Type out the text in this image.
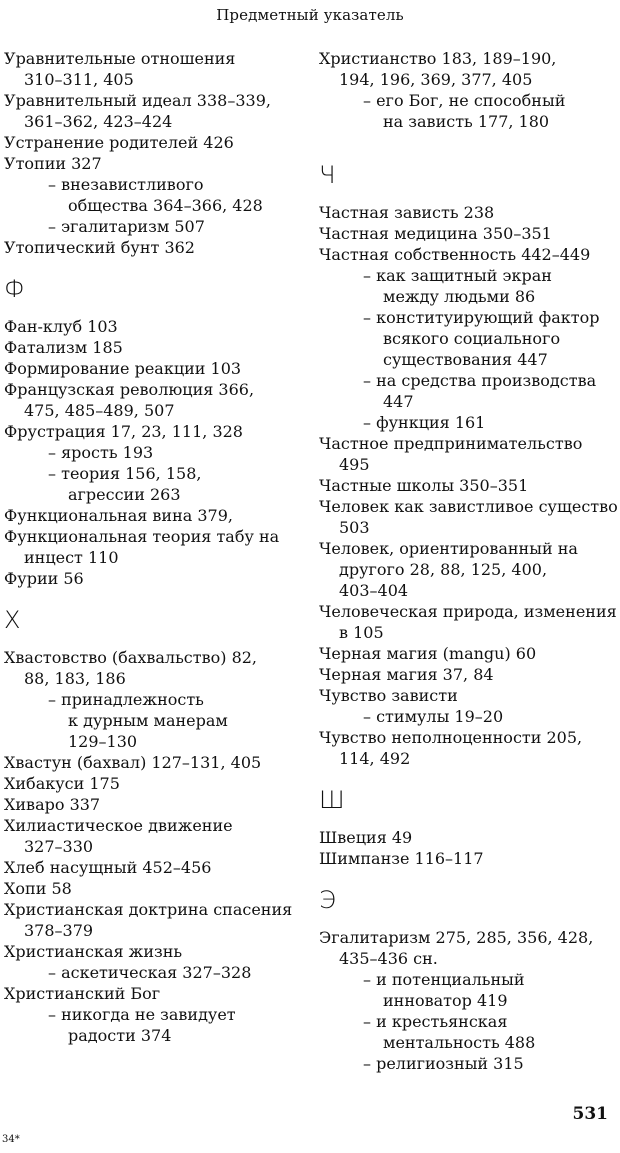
Предметный указатель
Уравнительные отношения
310–311, 405
Уравнительный идеал 338–339,
361–362, 423–424
Устранение родителей 426
Утопии 327
– внезавистливого
общества 364–366, 428
– эгалитаризм 507
Утопический бунт 362
Ф
Фан-клуб 103
Фатализм 185
Формирование реакции 103
Французская революция 366,
475, 485–489, 507
Фрустрация 17, 23, 111, 328
– ярость 193
– теория 156, 158,
агрессии 263
Функциональная вина 379,
Функциональная теория табу на
инцест 110
Фурии 56
Х
Хвастовство (бахвальство) 82,
88, 183, 186
– принадлежность
к дурным манерам
129–130
Хвастун (бахвал) 127–131, 405
Хибакуси 175
Хиваро 337
Хилиастическое движение
327–330
Хлеб насущный 452–456
Хопи 58
Христианская доктрина спасения
378–379
Христианская жизнь
– аскетическая 327–328
Христианский Бог
– никогда не завидует
радости 374
Христианство 183, 189–190,
194, 196, 369, 377, 405
– его Бог, не способный
на зависть 177, 180
Ч
Частная зависть 238
Частная медицина 350–351
Частная собственность 442–449
– как защитный экран
между людьми 86
– конституирующий фактор
всякого социального
существования 447
– на средства производства
447
– функция 161
Частное предпринимательство
495
Частные школы 350–351
Человек как завистливое существо
503
Человек, ориентированный на
другого 28, 88, 125, 400,
403–404
Человеческая природа, изменения
в 105
Черная магия (mangu) 60
Черная магия 37, 84
Чувство зависти
– стимулы 19–20
Чувство неполноценности 205,
114, 492
Ш
Швеция 49
Шимпанзе 116–117
Э
Эгалитаризм 275, 285, 356, 428,
435–436 сн.
– и потенциальный
инноватор 419
– и крестьянская
ментальность 488
– религиозный 315
531
34*
